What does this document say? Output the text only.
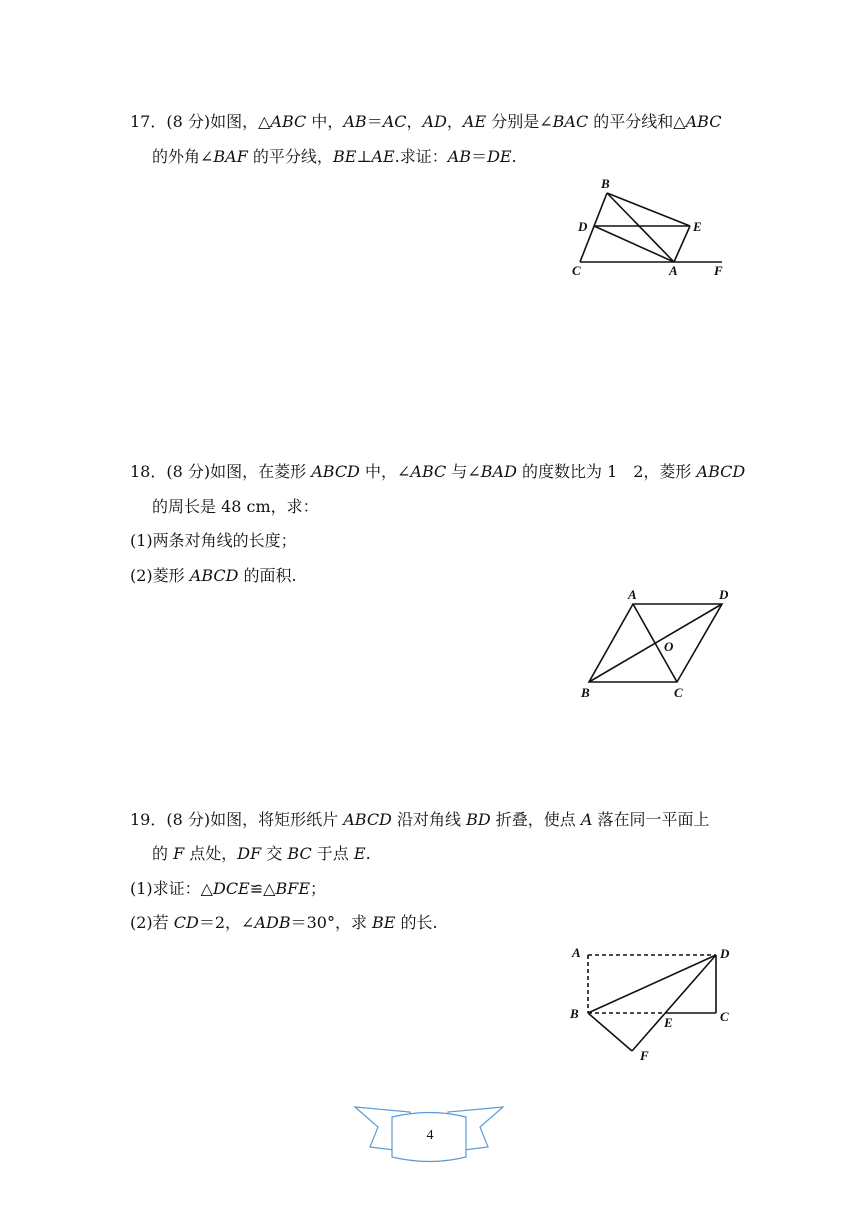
17．(8 分)如图，△ABC 中，AB＝AC，AD，AE 分别是∠BAC 的平分线和△ABC
的外角∠BAF 的平分线，BE⊥AE.求证：AB＝DE.
B
D	E
C	A	F
18．(8 分)如图，在菱形 ABCD 中，∠ABC 与∠BAD 的度数比为 1　2，菱形 ABCD
的周长是 48 cm，求：
(1)两条对角线的长度；
(2)菱形 ABCD 的面积.
A	D
O
B	C
19．(8 分)如图，将矩形纸片 ABCD 沿对角线 BD 折叠，使点 A 落在同一平面上
的 F 点处，DF 交 BC 于点 E.
(1)求证：△DCE≌△BFE；
(2)若 CD＝2，∠ADB＝30°，求 BE 的长.
A	D
B
E	C
F
4
